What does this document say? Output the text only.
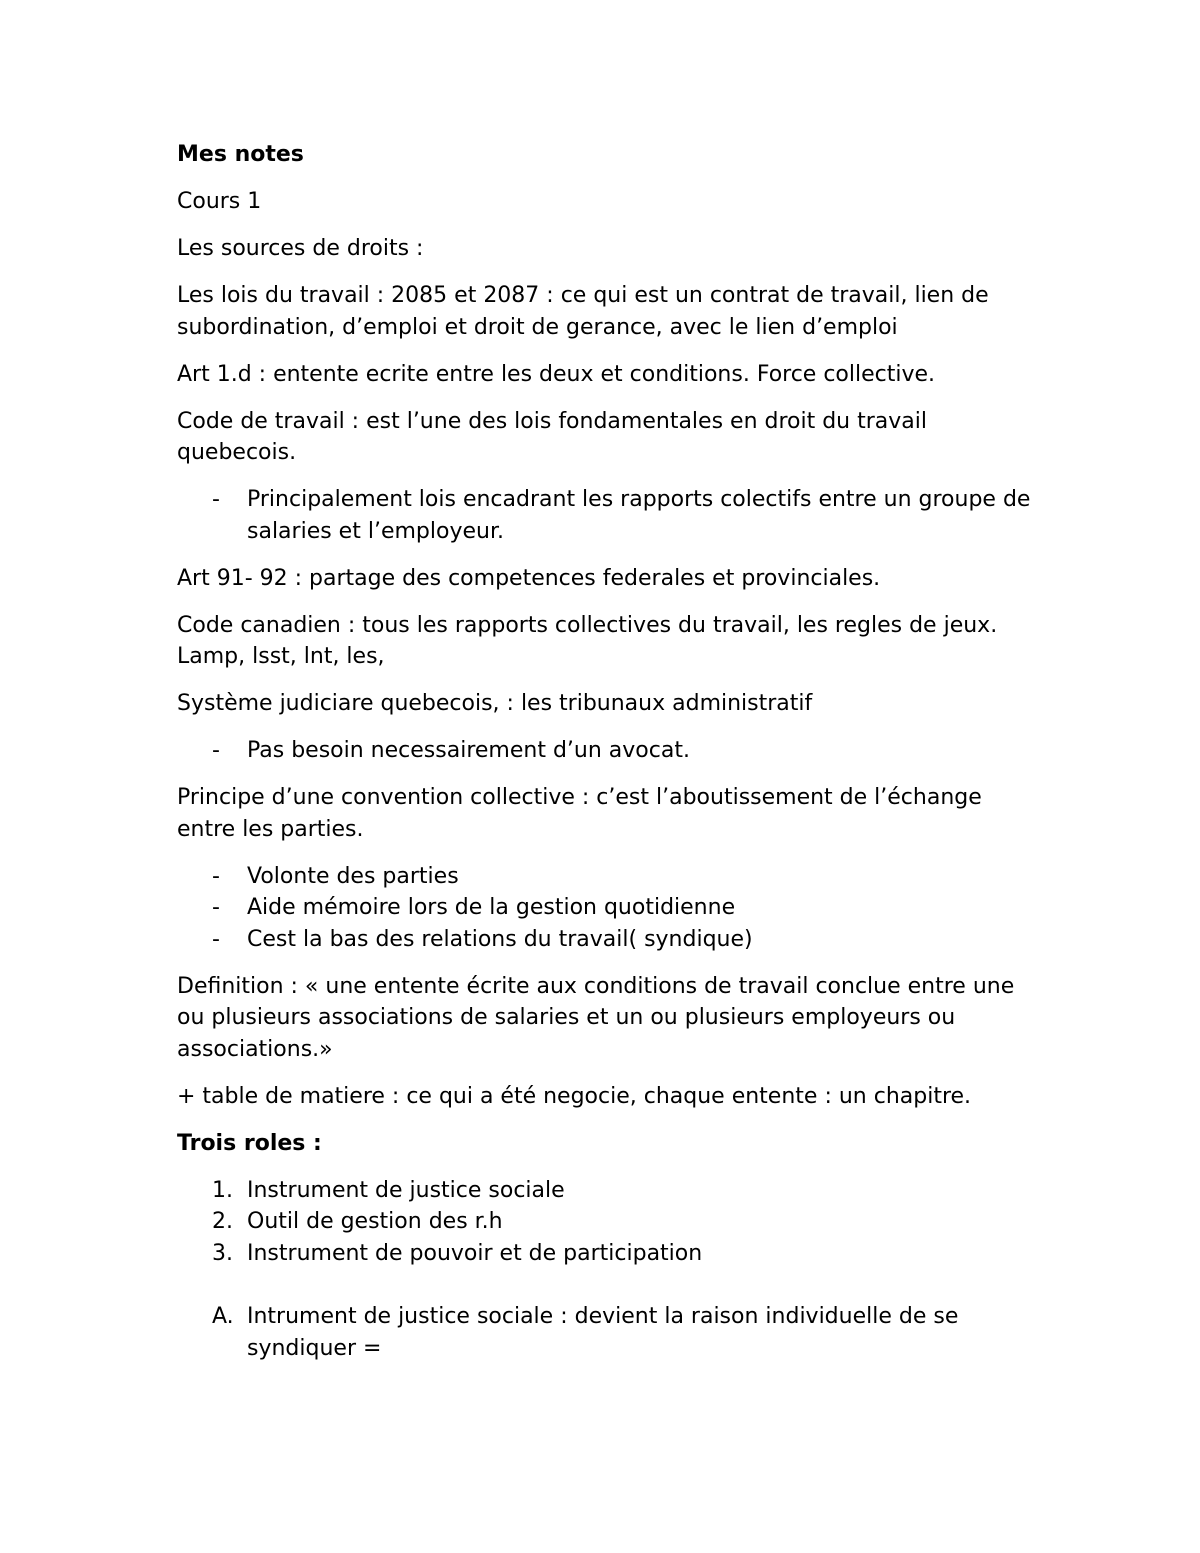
Mes notes

Cours 1

Les sources de droits :

Les lois du travail : 2085 et 2087 : ce qui est un contrat de travail, lien de subordination, d’emploi et droit de gerance, avec le lien d’emploi

Art 1.d : entente ecrite entre les deux et conditions. Force collective.

Code de travail : est l’une des lois fondamentales en droit du travail quebecois.

- Principalement lois encadrant les rapports colectifs entre un groupe de salaries et l’employeur.

Art 91- 92 : partage des competences federales et provinciales.

Code canadien : tous les rapports collectives du travail, les regles de jeux. Lamp, lsst, lnt, les,

Système judiciare quebecois, : les tribunaux administratif

- Pas besoin necessairement d’un avocat.

Principe d’une convention collective : c’est l’aboutissement de l’échange entre les parties.

- Volonte des parties
- Aide mémoire lors de la gestion quotidienne
- Cest la bas des relations du travail( syndique)

Definition : « une entente écrite aux conditions de travail conclue entre une ou plusieurs associations de salaries et un ou plusieurs employeurs ou associations.»

+ table de matiere : ce qui a été negocie, chaque entente : un chapitre.

Trois roles :

1. Instrument de justice sociale
2. Outil de gestion des r.h
3. Instrument de pouvoir et de participation
A. Intrument de justice sociale : devient la raison individuelle de se syndiquer =
